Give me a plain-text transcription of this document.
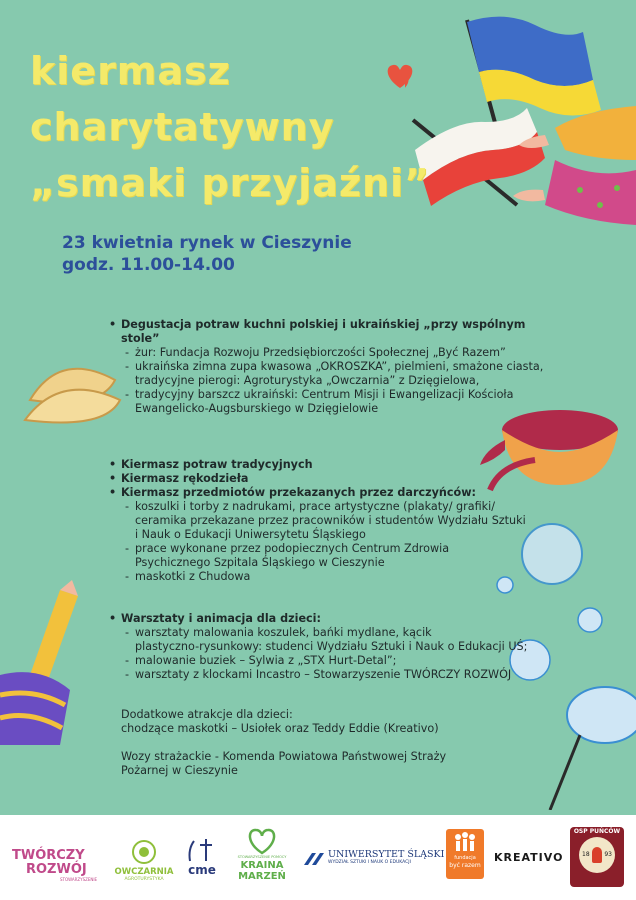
kiermasz
charytatywny
„smaki przyjaźni”
23 kwietnia rynek w Cieszynie
godz. 11.00-14.00
• Degustacja potraw kuchni polskiej i ukraińskiej „przy wspólnym stole”
- żur: Fundacja Rozwoju Przedsiębiorczości Społecznej „Być Razem”
- ukraińska zimna zupa kwasowa „OKROSZKA”, pielmieni, smażone ciasta,
tradycyjne pierogi: Agroturystyka „Owczarnia” z Dzięgielowa,
- tradycyjny barszcz ukraiński: Centrum Misji i Ewangelizacji Kościoła
Ewangelicko-Augsburskiego w Dzięgielowie
• Kiermasz potraw tradycyjnych
• Kiermasz rękodzieła
• Kiermasz przedmiotów przekazanych przez darczyńców:
- koszulki i torby z nadrukami, prace artystyczne (plakaty/ grafiki/
ceramika przekazane przez pracowników i studentów Wydziału Sztuki
i Nauk o Edukacji Uniwersytetu Śląskiego
- prace wykonane przez podopiecznych Centrum Zdrowia
Psychicznego Szpitala Śląskiego w Cieszynie
- maskotki z Chudowa
• Warsztaty i animacja dla dzieci:
- warsztaty malowania koszulek, bańki mydlane, kącik
plastyczno-rysunkowy: studenci Wydziału Sztuki i Nauk o Edukacji UŚ;
- malowanie buziek – Sylwia z „STX Hurt-Detal”;
- warsztaty z klockami Incastro – Stowarzyszenie TWÓRCZY ROZWÓJ
Dodatkowe atrakcje dla dzieci:
chodzące maskotki – Usiołek oraz Teddy Eddie (Kreativo)
Wozy strażackie - Komenda Powiatowa Państwowej Straży
Pożarnej w Cieszynie
TWÓRCZY
ROZWÓJ
STOWARZYSZENIE
OWCZARNIA
AGROTURYSTYKA
cme
STOWARZYSZENIE POMOCY
KRAINA
MARZEŃ
UNIWERSYTET ŚLĄSKI
WYDZIAŁ SZTUKI I NAUK O EDUKACJI
fundacja
być razem
KREATIVO
OSP PUŃCÓW
18 93
